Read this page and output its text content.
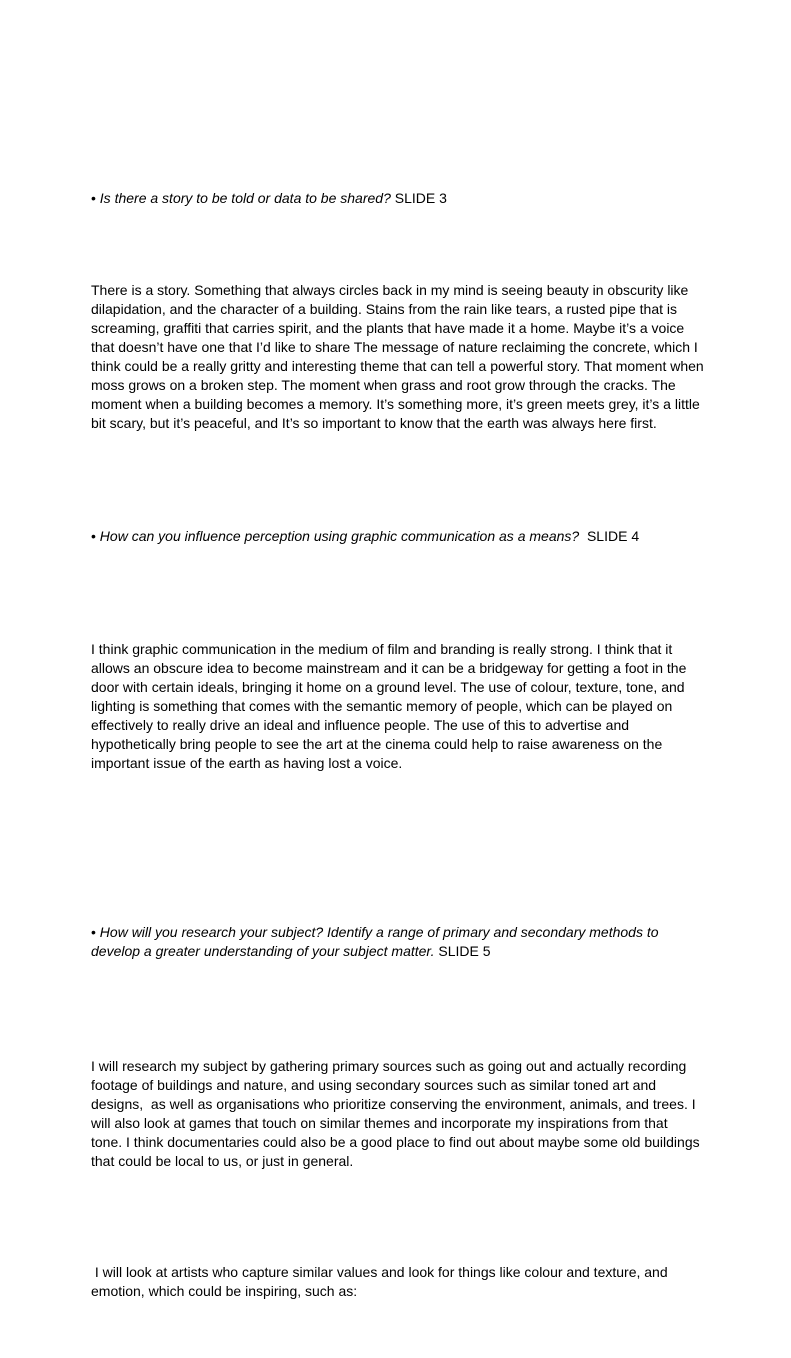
• Is there a story to be told or data to be shared? SLIDE 3

There is a story. Something that always circles back in my mind is seeing beauty in obscurity like dilapidation, and the character of a building. Stains from the rain like tears, a rusted pipe that is screaming, graffiti that carries spirit, and the plants that have made it a home. Maybe it’s a voice that doesn’t have one that I’d like to share The message of nature reclaiming the concrete, which I think could be a really gritty and interesting theme that can tell a powerful story. That moment when moss grows on a broken step. The moment when grass and root grow through the cracks. The moment when a building becomes a memory. It’s something more, it’s green meets grey, it’s a little bit scary, but it’s peaceful, and It’s so important to know that the earth was always here first.

• How can you influence perception using graphic communication as a means?  SLIDE 4

I think graphic communication in the medium of film and branding is really strong. I think that it allows an obscure idea to become mainstream and it can be a bridgeway for getting a foot in the door with certain ideals, bringing it home on a ground level. The use of colour, texture, tone, and lighting is something that comes with the semantic memory of people, which can be played on effectively to really drive an ideal and influence people. The use of this to advertise and hypothetically bring people to see the art at the cinema could help to raise awareness on the important issue of the earth as having lost a voice.

• How will you research your subject? Identify a range of primary and secondary methods to develop a greater understanding of your subject matter. SLIDE 5

I will research my subject by gathering primary sources such as going out and actually recording footage of buildings and nature, and using secondary sources such as similar toned art and designs,  as well as organisations who prioritize conserving the environment, animals, and trees. I will also look at games that touch on similar themes and incorporate my inspirations from that  tone. I think documentaries could also be a good place to find out about maybe some old buildings that could be local to us, or just in general.

I will look at artists who capture similar values and look for things like colour and texture, and emotion, which could be inspiring, such as:
